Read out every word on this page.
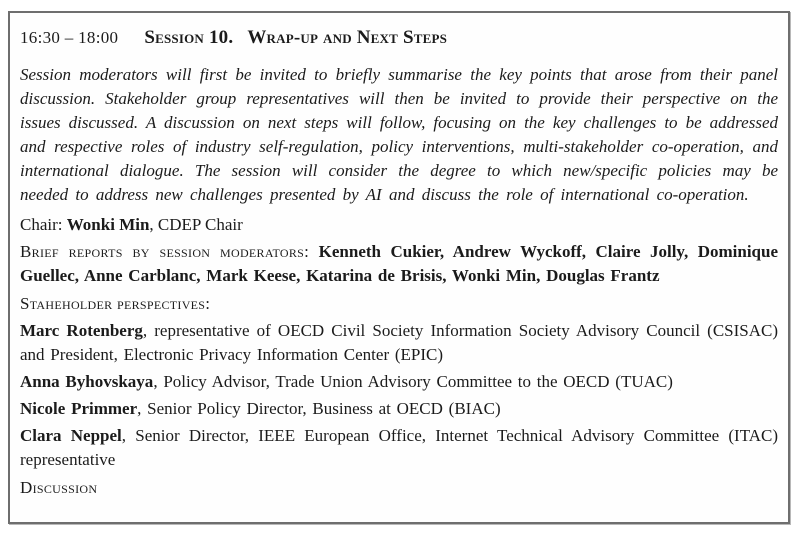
16:30 – 18:00 Session 10. Wrap-up and Next Steps

Session moderators will first be invited to briefly summarise the key points that arose from their panel discussion. Stakeholder group representatives will then be invited to provide their perspective on the issues discussed. A discussion on next steps will follow, focusing on the key challenges to be addressed and respective roles of industry self-regulation, policy interventions, multi-stakeholder co-operation, and international dialogue. The session will consider the degree to which new/specific policies may be needed to address new challenges presented by AI and discuss the role of international co-operation.

Chair: Wonki Min, CDEP Chair

Brief reports by session moderators: Kenneth Cukier, Andrew Wyckoff, Claire Jolly, Dominique Guellec, Anne Carblanc, Mark Keese, Katarina de Brisis, Wonki Min, Douglas Frantz

Staheholder perspectives:

Marc Rotenberg, representative of OECD Civil Society Information Society Advisory Council (CSISAC) and President, Electronic Privacy Information Center (EPIC)

Anna Byhovskaya, Policy Advisor, Trade Union Advisory Committee to the OECD (TUAC)

Nicole Primmer, Senior Policy Director, Business at OECD (BIAC)

Clara Neppel, Senior Director, IEEE European Office, Internet Technical Advisory Committee (ITAC) representative

Discussion
